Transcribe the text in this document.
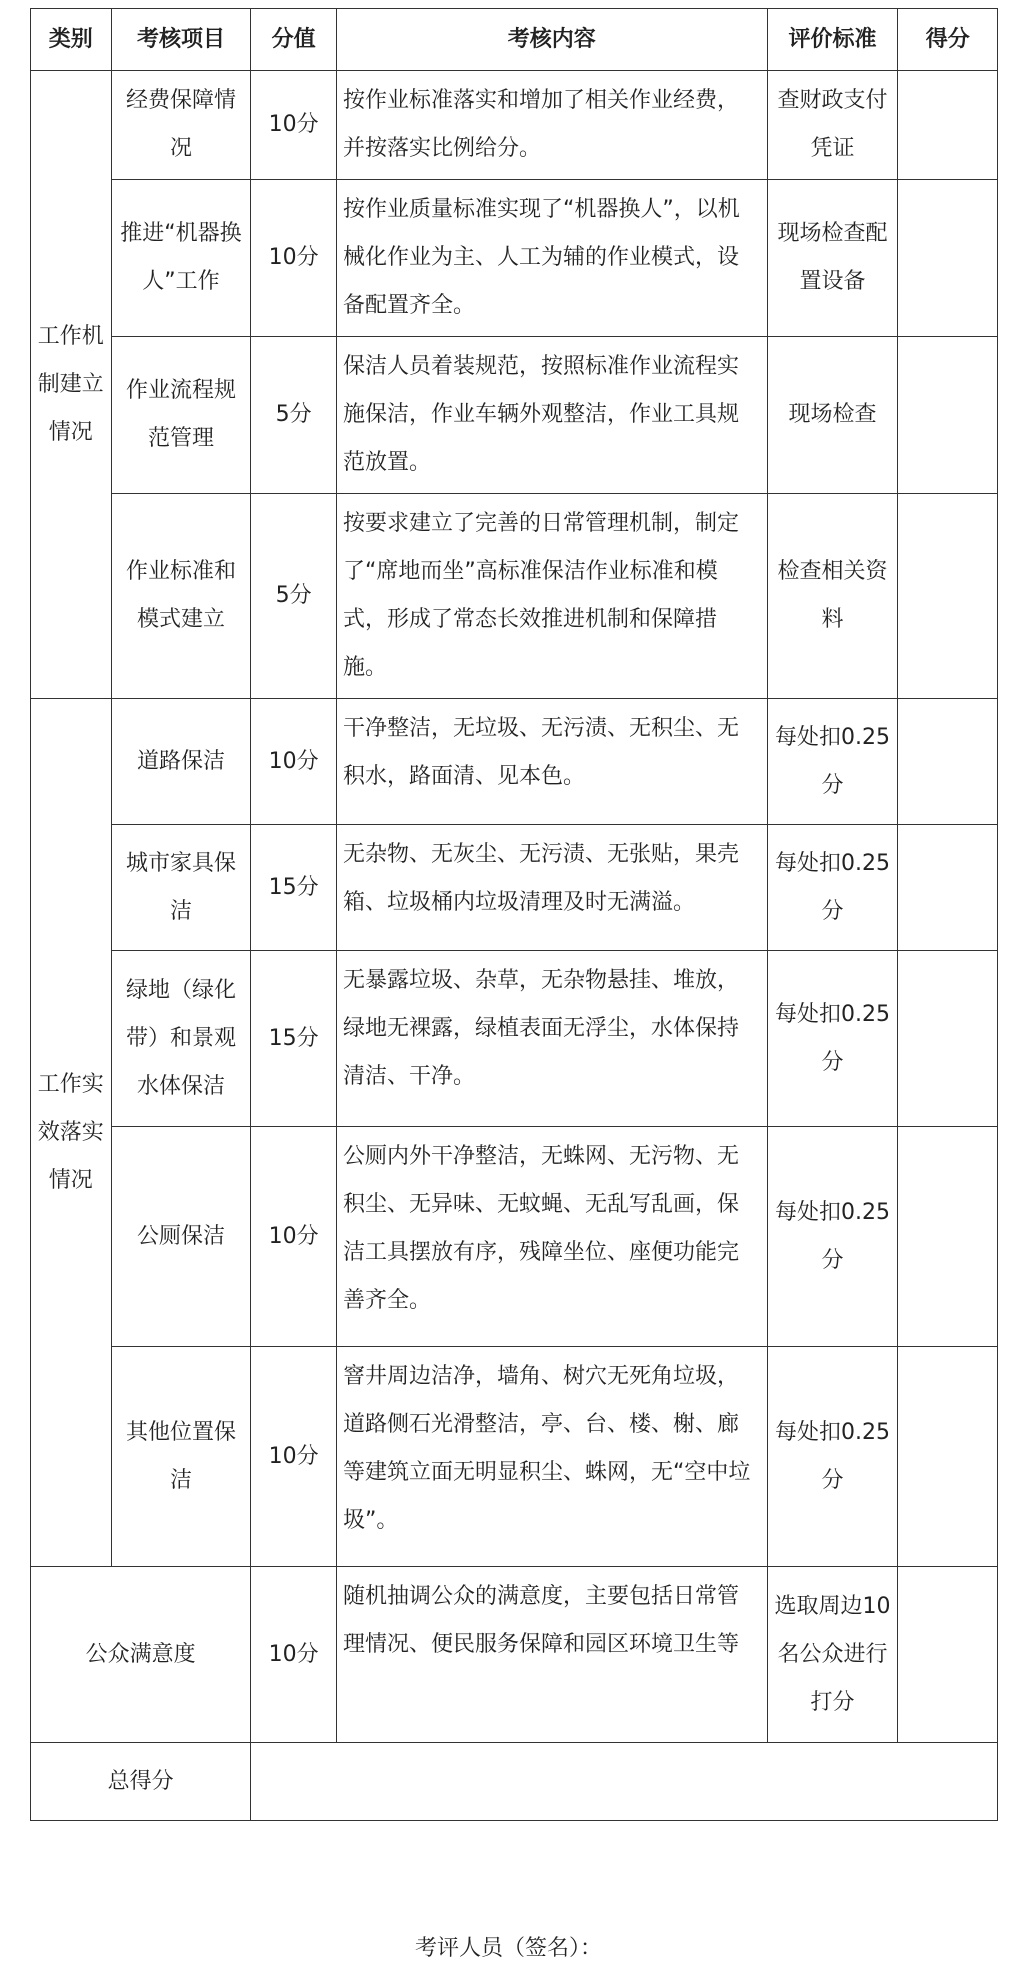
类别	考核项目	分值	考核内容	评价标准	得分
工作机制建立情况	经费保障情况	10分	按作业标准落实和增加了相关作业经费，并按落实比例给分。	查财政支付凭证	
	推进“机器换人”工作	10分	按作业质量标准实现了“机器换人”，以机械化作业为主、人工为辅的作业模式，设备配置齐全。	现场检查配置设备	
	作业流程规范管理	5分	保洁人员着装规范，按照标准作业流程实施保洁，作业车辆外观整洁，作业工具规范放置。	现场检查	
	作业标准和模式建立	5分	按要求建立了完善的日常管理机制，制定了“席地而坐”高标准保洁作业标准和模式，形成了常态长效推进机制和保障措施。	检查相关资料	
工作实效落实情况	道路保洁	10分	干净整洁，无垃圾、无污渍、无积尘、无积水，路面清、见本色。	每处扣0.25分	
	城市家具保洁	15分	无杂物、无灰尘、无污渍、无张贴，果壳箱、垃圾桶内垃圾清理及时无满溢。	每处扣0.25分	
	绿地（绿化带）和景观水体保洁	15分	无暴露垃圾、杂草，无杂物悬挂、堆放，绿地无裸露，绿植表面无浮尘，水体保持清洁、干净。	每处扣0.25分	
	公厕保洁	10分	公厕内外干净整洁，无蛛网、无污物、无积尘、无异味、无蚊蝇、无乱写乱画，保洁工具摆放有序，残障坐位、座便功能完善齐全。	每处扣0.25分	
	其他位置保洁	10分	窨井周边洁净，墙角、树穴无死角垃圾，道路侧石光滑整洁，亭、台、楼、榭、廊等建筑立面无明显积尘、蛛网，无“空中垃圾”。	每处扣0.25分	
公众满意度		10分	随机抽调公众的满意度，主要包括日常管理情况、便民服务保障和园区环境卫生等	选取周边10名公众进行打分	
总得分					
考评人员（签名）：
